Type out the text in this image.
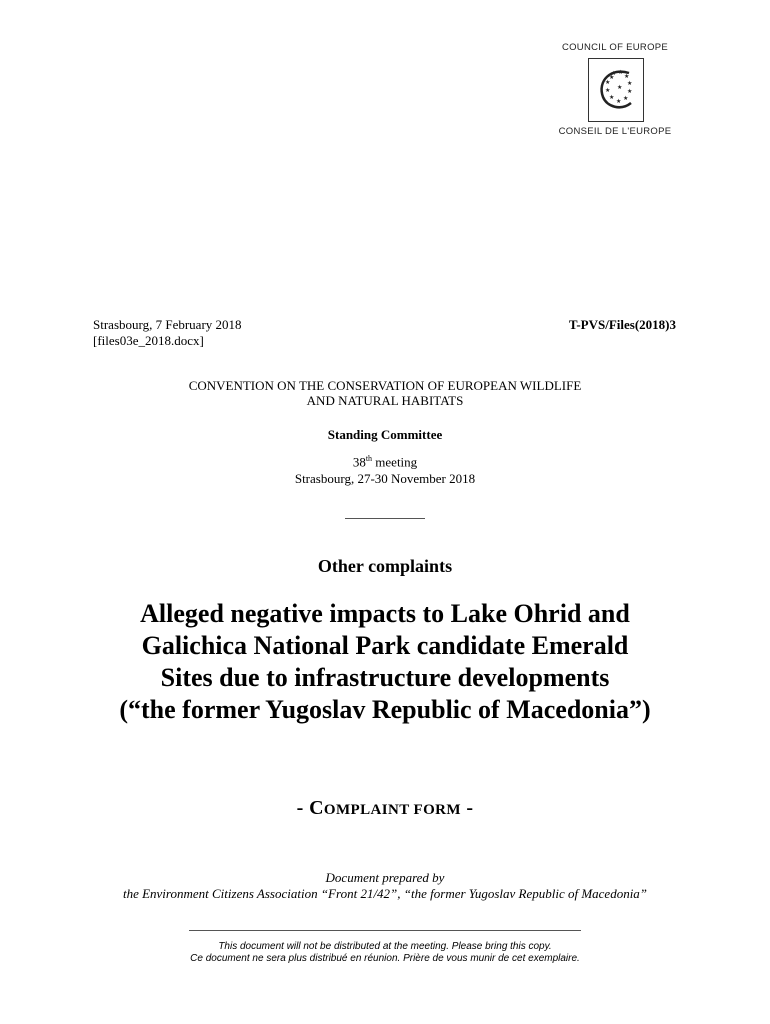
COUNCIL OF EUROPE
★ ★
★
★
★
★
★
★
★
★
★
★
CONSEIL DE L'EUROPE
Strasbourg, 7 February 2018
[files03e_2018.docx]
T-PVS/Files(2018)3
CONVENTION ON THE CONSERVATION OF EUROPEAN WILDLIFE
AND NATURAL HABITATS
Standing Committee
38th meeting
Strasbourg, 27-30 November 2018
Other complaints
Alleged negative impacts to Lake Ohrid and
Galichica National Park candidate Emerald
Sites due to infrastructure developments
(“the former Yugoslav Republic of Macedonia”)
- COMPLAINT FORM -
Document prepared by
the Environment Citizens Association “Front 21/42”, “the former Yugoslav Republic of Macedonia”
This document will not be distributed at the meeting. Please bring this copy.
Ce document ne sera plus distribué en réunion. Prière de vous munir de cet exemplaire.
